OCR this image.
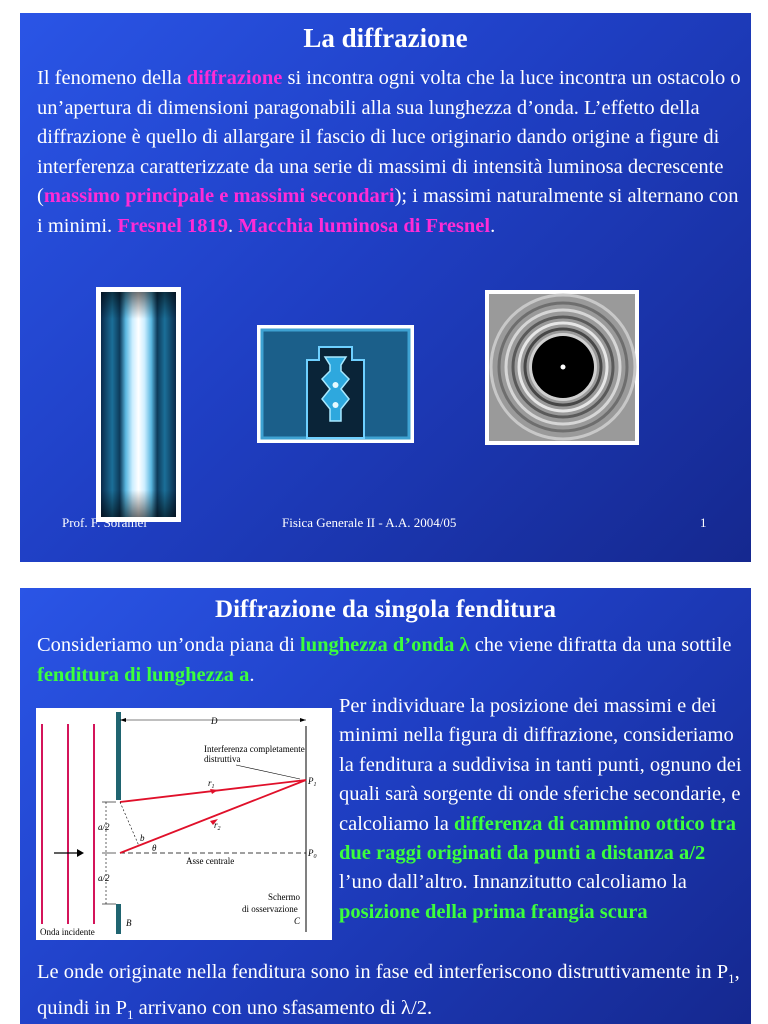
La diffrazione

Il fenomeno della diffrazione si incontra ogni volta che la luce incontra un ostacolo o un’apertura di dimensioni paragonabili alla sua lunghezza d’onda. L’effetto della diffrazione è quello di allargare il fascio di luce originario dando origine a figure di interferenza caratterizzate da una serie di massimi di intensità luminosa decrescente (massimo principale e massimi secondari); i massimi naturalmente si alternano con i minimi. Fresnel 1819. Macchia luminosa di Fresnel.

Prof. F. Soramel	Fisica Generale II - A.A. 2004/05	1

Diffrazione da singola fenditura

Consideriamo un’onda piana di lunghezza d’onda λ che viene difratta da una sottile fenditura di lunghezza a.

D
a/2
a/2
Asse centrale
b
θ
$r_1$
$r_2$
Interferenza completamente
distruttiva
$P_1$
$P_0$
Schermo
di osservazione
C
B
Onda incidente

Per individuare la posizione dei massimi e dei minimi nella figura di diffrazione, consideriamo la fenditura a suddivisa in tanti punti, ognuno dei quali sarà sorgente di onde sferiche secondarie, e calcoliamo la differenza di cammino ottico tra due raggi originati da punti a distanza a/2 l’uno dall’altro. Innanzitutto calcoliamo la posizione della prima frangia scura

Le onde originate nella fenditura sono in fase ed interferiscono distruttivamente in $P_1$, quindi in $P_1$ arrivano con uno sfasamento di λ/2.
